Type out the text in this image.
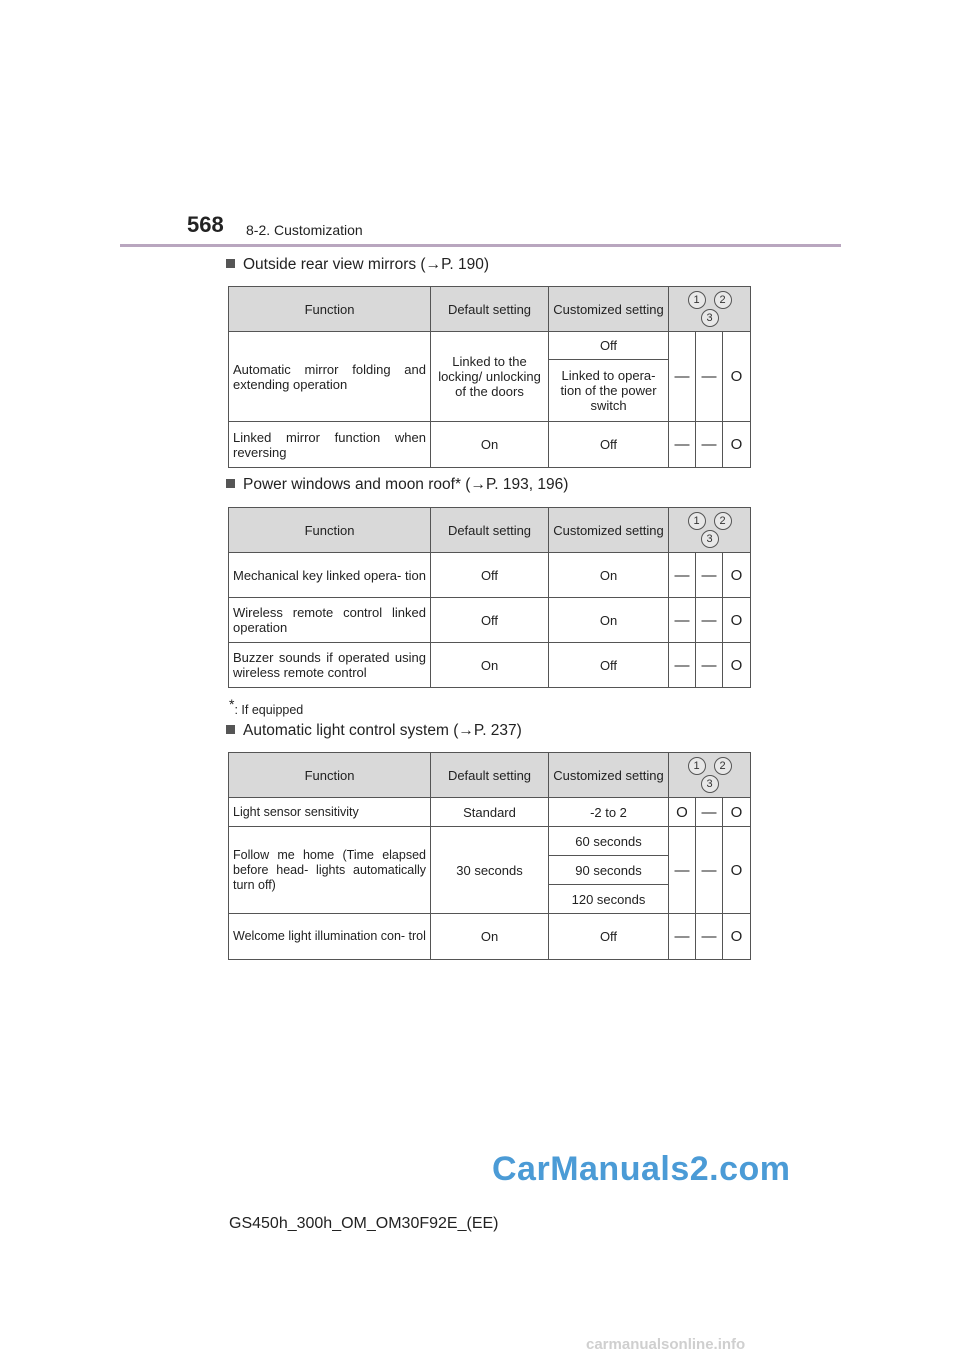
568 8-2. Customization
Outside rear view mirrors (→P. 190)
Function	Default setting	Customized setting	1 23		
Automatic mirror folding and extending operation	Linked to the locking/ unlocking of the doors	Off	—	—	O
		Linked to opera- tion of the power switch			
Linked mirror function when reversing	On	Off	—	—	O
Power windows and moon roof* (→P. 193, 196)
Function	Default setting	Customized setting	1 23		
Mechanical key linked opera- tion	Off	On	—	—	O
Wireless remote control linked operation	Off	On	—	—	O
Buzzer sounds if operated using wireless remote control	On	Off	—	—	O
*: If equipped
Automatic light control system (→P. 237)
Function	Default setting	Customized setting	1 23		
Light sensor sensitivity	Standard	-2 to 2	O	—	O
Follow me home (Time elapsed before head- lights automatically turn off)	30 seconds	60 seconds	—	—	O
		90 seconds			
		120 seconds			
Welcome light illumination con- trol	On	Off	—	—	O
CarManuals2.com
GS450h_300h_OM_OM30F92E_(EE)
carmanualsonline.info
